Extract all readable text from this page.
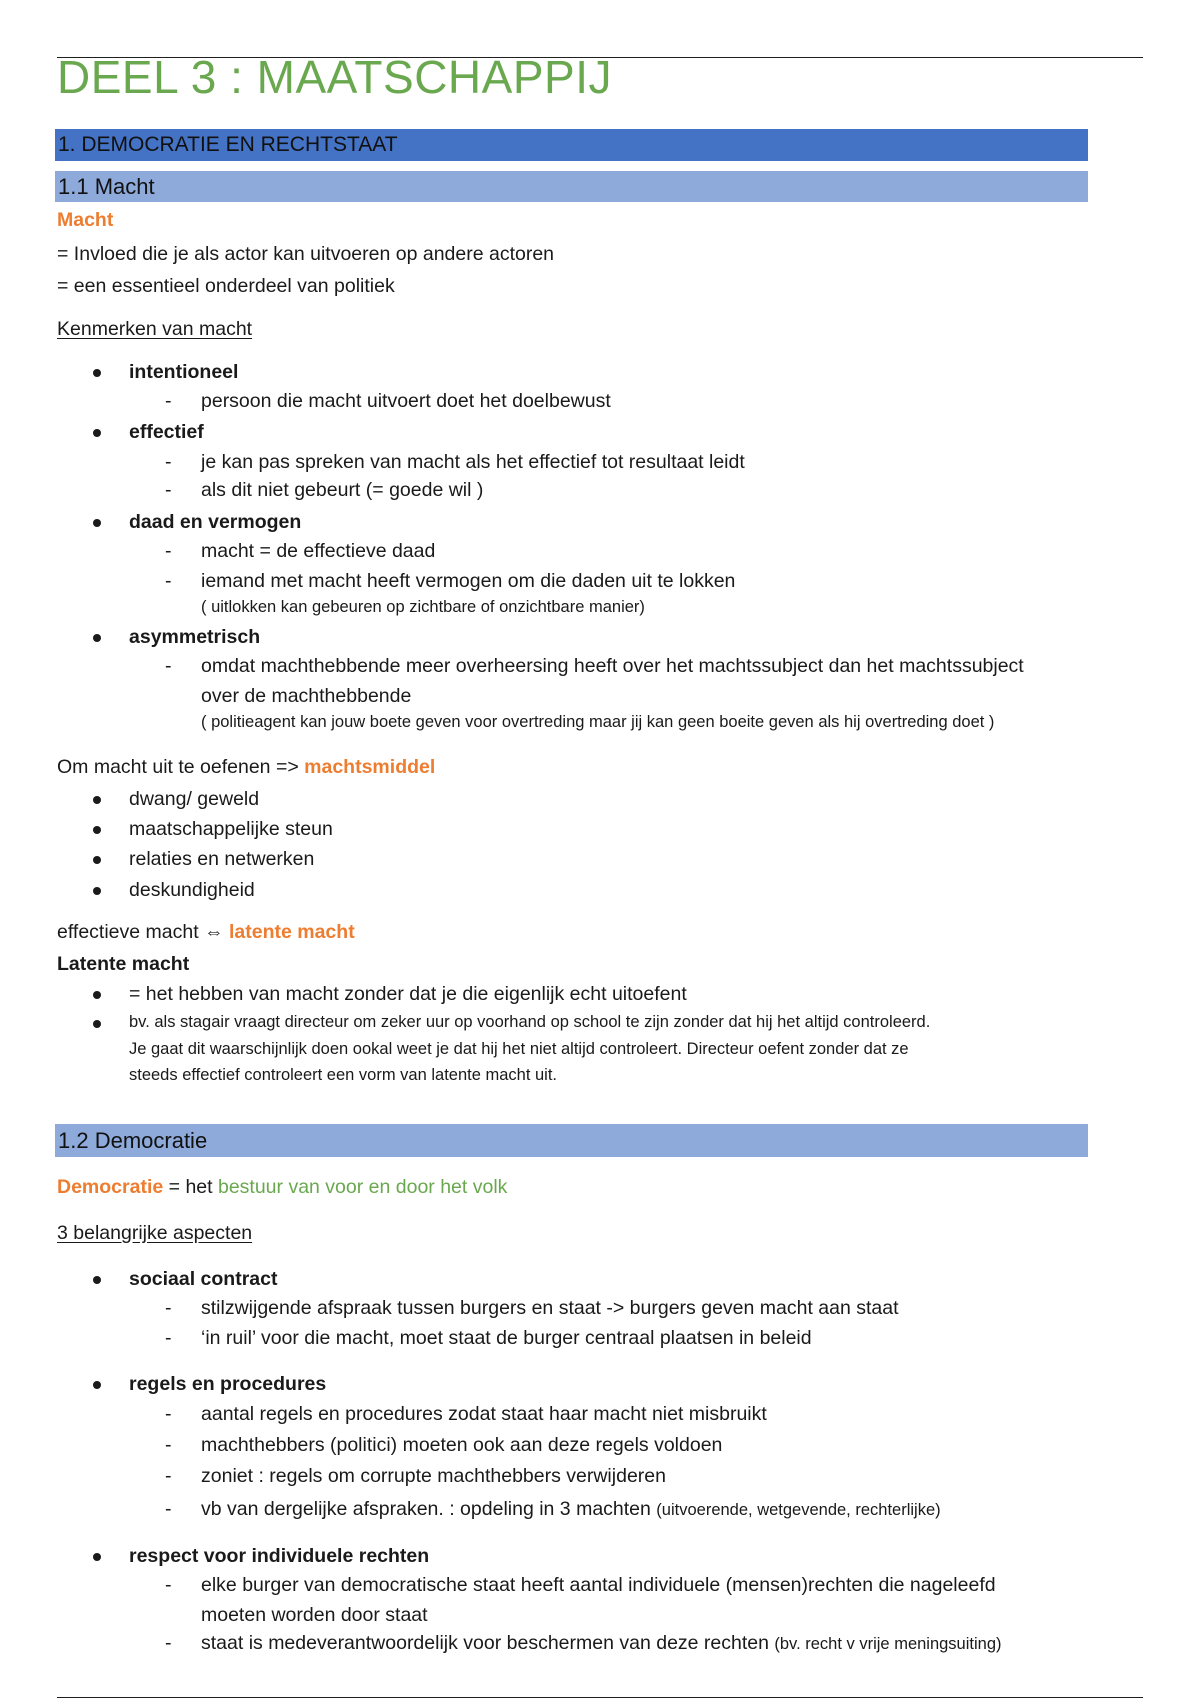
DEEL 3 : MAATSCHAPPIJ
1. DEMOCRATIE EN RECHTSTAAT
1.1 Macht
Macht
= Invloed die je als actor kan uitvoeren op andere actoren
= een essentieel onderdeel van politiek
Kenmerken van macht
intentioneel
- persoon die macht uitvoert doet het doelbewust
effectief
- je kan pas spreken van macht als het effectief tot resultaat leidt
- als dit niet gebeurt (= goede wil )
daad en vermogen
- macht = de effectieve daad
- iemand met macht heeft vermogen om die daden uit te lokken
( uitlokken kan gebeuren op zichtbare of onzichtbare manier)
asymmetrisch
- omdat machthebbende meer overheersing heeft over het machtssubject dan het machtssubject
over de machthebbende
( politieagent kan jouw boete geven voor overtreding maar jij kan geen boeite geven als hij overtreding doet )
Om macht uit te oefenen => machtsmiddel
dwang/ geweld
maatschappelijke steun
relaties en netwerken
deskundigheid
effectieve macht ⇔ latente macht
Latente macht
= het hebben van macht zonder dat je die eigenlijk echt uitoefent
bv. als stagair vraagt directeur om zeker uur op voorhand op school te zijn zonder dat hij het altijd controleerd.
Je gaat dit waarschijnlijk doen ookal weet je dat hij het niet altijd controleert. Directeur oefent zonder dat ze
steeds effectief controleert een vorm van latente macht uit.
1.2 Democratie
Democratie = het bestuur van voor en door het volk
3 belangrijke aspecten
sociaal contract
- stilzwijgende afspraak tussen burgers en staat -> burgers geven macht aan staat
- ‘in ruil’ voor die macht, moet staat de burger centraal plaatsen in beleid
regels en procedures
- aantal regels en procedures zodat staat haar macht niet misbruikt
- machthebbers (politici) moeten ook aan deze regels voldoen
- zoniet : regels om corrupte machthebbers verwijderen
- vb van dergelijke afspraken. : opdeling in 3 machten (uitvoerende, wetgevende, rechterlijke)
respect voor individuele rechten
- elke burger van democratische staat heeft aantal individuele (mensen)rechten die nageleefd
moeten worden door staat
- staat is medeverantwoordelijk voor beschermen van deze rechten (bv. recht v vrije meningsuiting)
